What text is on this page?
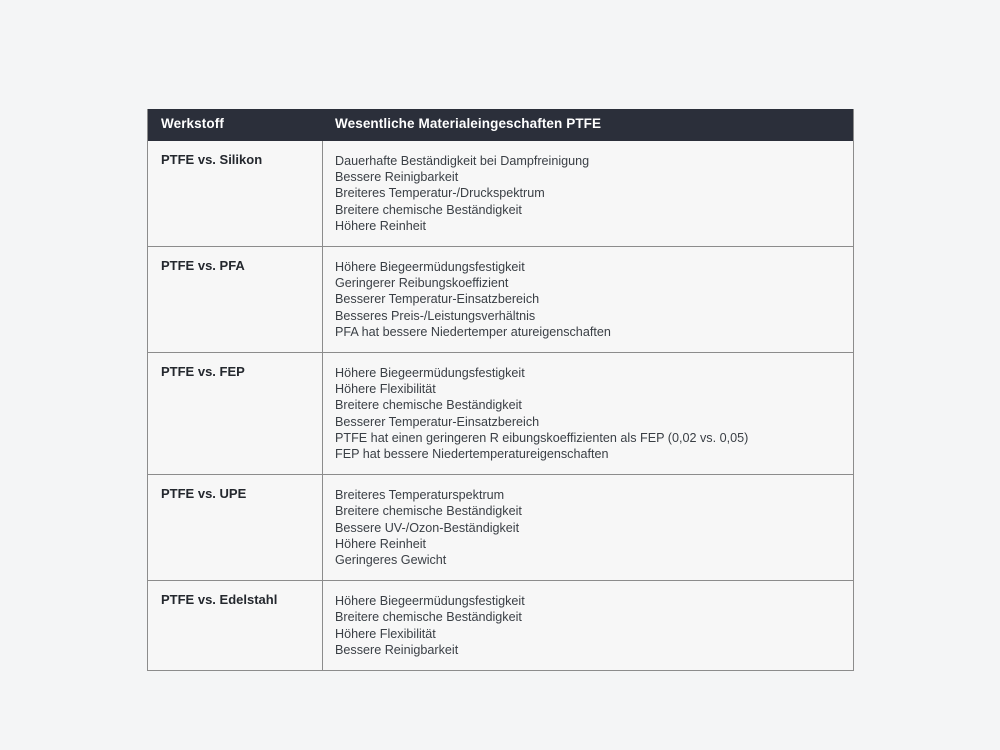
Werkstoff	Wesentliche Materialeingeschaften PTFE
PTFE vs. Silikon	Dauerhafte Beständigkeit bei Dampfreinigung
Bessere Reinigbarkeit
Breiteres Temperatur-/Druckspektrum
Breitere chemische Beständigkeit
Höhere Reinheit
PTFE vs. PFA	Höhere Biegeermüdungsfestigkeit
Geringerer Reibungskoeffizient
Besserer Temperatur-Einsatzbereich
Besseres Preis-/Leistungsverhältnis
PFA hat bessere Niedertemper atureigenschaften
PTFE vs. FEP	Höhere Biegeermüdungsfestigkeit
Höhere Flexibilität
Breitere chemische Beständigkeit
Besserer Temperatur-Einsatzbereich
PTFE hat einen geringeren R eibungskoeffizienten als FEP (0,02 vs. 0,05)
FEP hat bessere Niedertemperatureigenschaften
PTFE vs. UPE	Breiteres Temperaturspektrum
Breitere chemische Beständigkeit
Bessere UV-/Ozon-Beständigkeit
Höhere Reinheit
Geringeres Gewicht
PTFE vs. Edelstahl	Höhere Biegeermüdungsfestigkeit
Breitere chemische Beständigkeit
Höhere Flexibilität
Bessere Reinigbarkeit
